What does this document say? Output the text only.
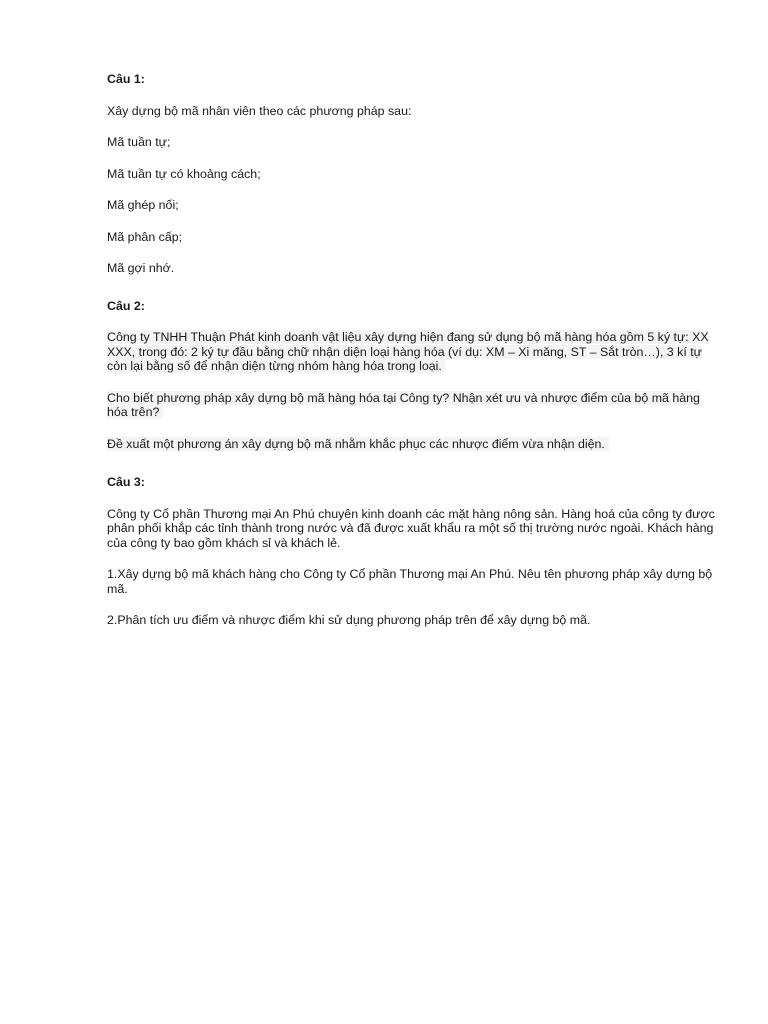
Câu 1:

Xây dựng bộ mã nhân viên theo các phương pháp sau:

Mã tuần tự;

Mã tuần tự có khoảng cách;

Mã ghép nối;

Mã phân cấp;

Mã gợi nhớ.

Câu 2:

Công ty TNHH Thuận Phát kinh doanh vật liệu xây dựng hiện đang sử dụng bộ mã hàng hóa gồm 5 ký tự: XX XXX, trong đó: 2 ký tự đầu bằng chữ nhận diện loại hàng hóa (ví dụ: XM – Xi măng, ST – Sắt tròn…), 3 kí tự còn lại bằng số để nhận diện từng nhóm hàng hóa trong loại.

Cho biết phương pháp xây dựng bộ mã hàng hóa tại Công ty? Nhận xét ưu và nhược điểm của bộ mã hàng hóa trên?

Đề xuất một phương án xây dựng bộ mã nhằm khắc phục các nhược điểm vừa nhận diện.

Câu 3:

Công ty Cổ phần Thương mại An Phú chuyên kinh doanh các mặt hàng nông sản. Hàng hoá của công ty được phân phối khắp các tỉnh thành trong nước và đã được xuất khẩu ra một số thị trường nước ngoài. Khách hàng của công ty bao gồm khách sỉ và khách lẻ.

1.Xây dựng bộ mã khách hàng cho Công ty Cổ phần Thương mại An Phú. Nêu tên phương pháp xây dựng bộ mã.

2.Phân tích ưu điểm và nhược điểm khi sử dụng phương pháp trên để xây dựng bộ mã.
